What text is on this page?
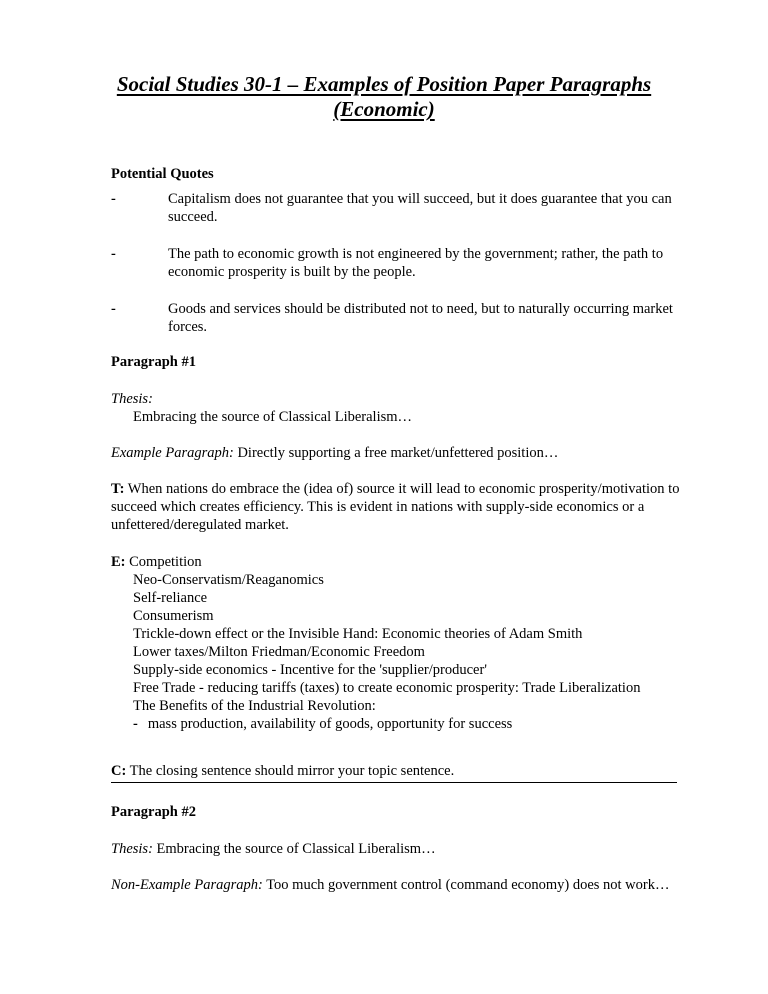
Social Studies 30-1 – Examples of Position Paper Paragraphs
(Economic)
Potential Quotes
-	Capitalism does not guarantee that you will succeed, but it does guarantee that you can succeed.
-	The path to economic growth is not engineered by the government; rather, the path to economic prosperity is built by the people.
-	Goods and services should be distributed not to need, but to naturally occurring market forces.
Paragraph #1
Thesis:
Embracing the source of Classical Liberalism…
Example Paragraph: Directly supporting a free market/unfettered position…
T: When nations do embrace the (idea of) source it will lead to economic prosperity/motivation to succeed which creates efficiency. This is evident in nations with supply-side economics or a unfettered/deregulated market.
E: Competition
Neo-Conservatism/Reaganomics
Self-reliance
Consumerism
Trickle-down effect or the Invisible Hand: Economic theories of Adam Smith
Lower taxes/Milton Friedman/Economic Freedom
Supply-side economics - Incentive for the 'supplier/producer'
Free Trade - reducing tariffs (taxes) to create economic prosperity: Trade Liberalization
The Benefits of the Industrial Revolution:
- mass production, availability of goods, opportunity for success
C: The closing sentence should mirror your topic sentence.
Paragraph #2
Thesis: Embracing the source of Classical Liberalism…
Non-Example Paragraph: Too much government control (command economy) does not work…
